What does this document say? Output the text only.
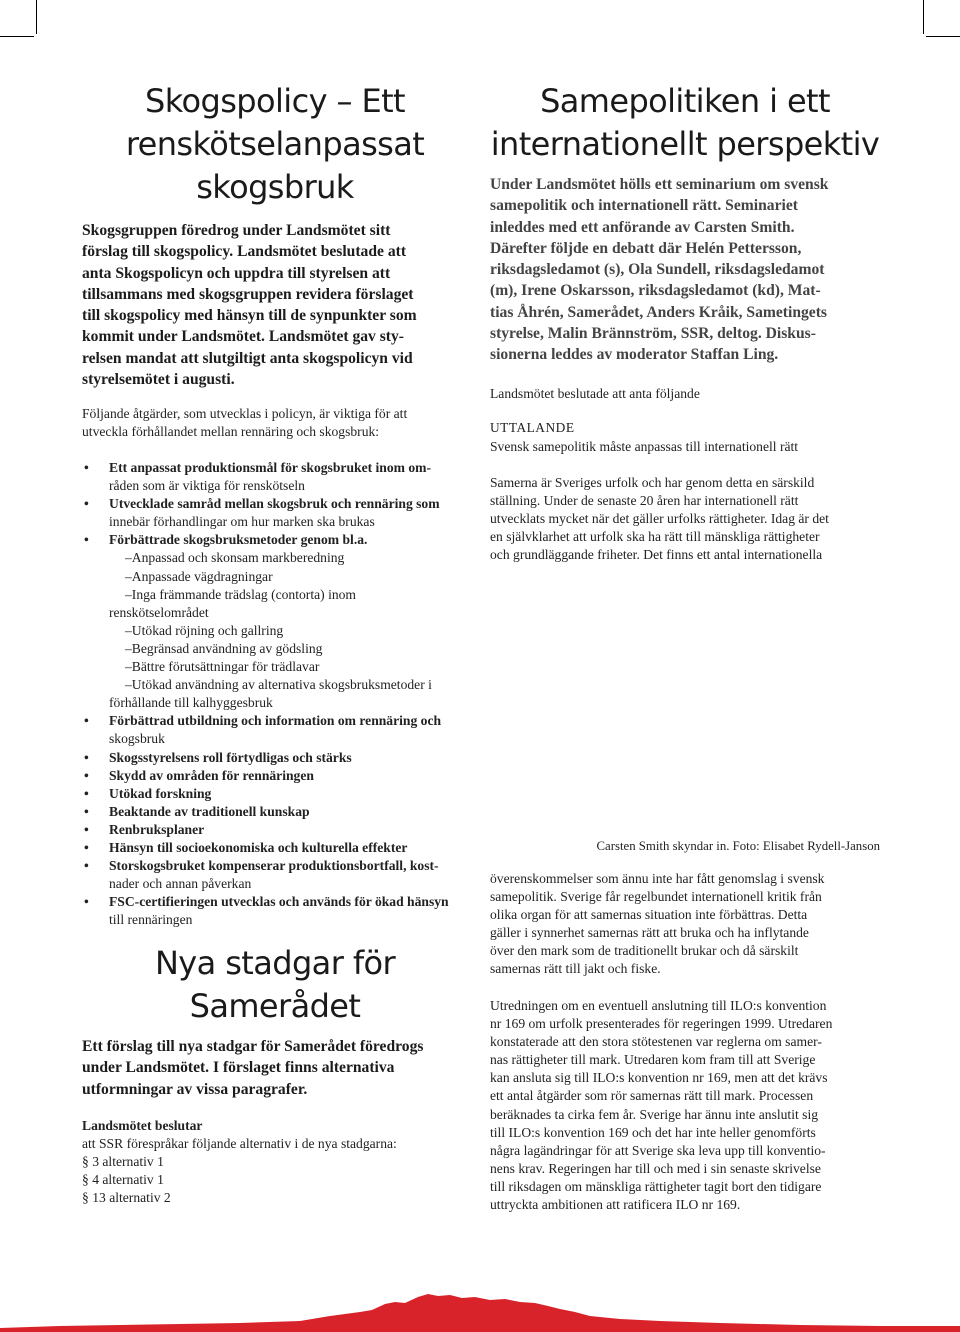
Skogspolicy – Ett
renskötselanpassat
skogsbruk
Skogsgruppen föredrog under Landsmötet sitt
förslag till skogspolicy. Landsmötet beslutade att
anta Skogspolicyn och uppdra till styrelsen att
tillsammans med skogsgruppen revidera förslaget
till skogspolicy med hänsyn till de synpunkter som
kommit under Landsmötet. Landsmötet gav sty-
relsen mandat att slutgiltigt anta skogspolicyn vid
styrelsemötet i augusti.
Följande åtgärder, som utvecklas i policyn, är viktiga för att
utveckla förhållandet mellan rennäring och skogsbruk:
• Ett anpassat produktionsmål för skogsbruket inom om-
råden som är viktiga för renskötseln
• Utvecklade samråd mellan skogsbruk och rennäring som
innebär förhandlingar om hur marken ska brukas
• Förbättrade skogsbruksmetoder genom bl.a.
–Anpassad och skonsam markberedning
–Anpassade vägdragningar
–Inga främmande trädslag (contorta) inom
renskötselområdet
–Utökad röjning och gallring
–Begränsad användning av gödsling
–Bättre förutsättningar för trädlavar
–Utökad användning av alternativa skogsbruksmetoder i
förhållande till kalhyggesbruk
• Förbättrad utbildning och information om rennäring och
skogsbruk
• Skogsstyrelsens roll förtydligas och stärks
• Skydd av områden för rennäringen
• Utökad forskning
• Beaktande av traditionell kunskap
• Renbruksplaner
• Hänsyn till socioekonomiska och kulturella effekter
• Storskogsbruket kompenserar produktionsbortfall, kost-
nader och annan påverkan
• FSC-certifieringen utvecklas och används för ökad hänsyn
till rennäringen
Nya stadgar för
Samerådet
Ett förslag till nya stadgar för Samerådet föredrogs
under Landsmötet. I förslaget finns alternativa
utformningar av vissa paragrafer.
Landsmötet beslutar
att SSR förespråkar följande alternativ i de nya stadgarna:
§ 3 alternativ 1
§ 4 alternativ 1
§ 13 alternativ 2
Samepolitiken i ett
internationellt perspektiv
Under Landsmötet hölls ett seminarium om svensk
samepolitik och internationell rätt. Seminariet
inleddes med ett anförande av Carsten Smith.
Därefter följde en debatt där Helén Pettersson,
riksdagsledamot (s), Ola Sundell, riksdagsledamot
(m), Irene Oskarsson, riksdagsledamot (kd), Mat-
tias Åhrén, Samerådet, Anders Kråik, Sametingets
styrelse, Malin Brännström, SSR, deltog. Diskus-
sionerna leddes av moderator Staffan Ling.
Landsmötet beslutade att anta följande
UTTALANDE
Svensk samepolitik måste anpassas till internationell rätt
Samerna är Sveriges urfolk och har genom detta en särskild
ställning. Under de senaste 20 åren har internationell rätt
utvecklats mycket när det gäller urfolks rättigheter. Idag är det
en självklarhet att urfolk ska ha rätt till mänskliga rättigheter
och grundläggande friheter. Det finns ett antal internationella
Carsten Smith skyndar in. Foto: Elisabet Rydell-Janson
överenskommelser som ännu inte har fått genomslag i svensk
samepolitik. Sverige får regelbundet internationell kritik från
olika organ för att samernas situation inte förbättras. Detta
gäller i synnerhet samernas rätt att bruka och ha inflytande
över den mark som de traditionellt brukar och då särskilt
samernas rätt till jakt och fiske.
Utredningen om en eventuell anslutning till ILO:s konvention
nr 169 om urfolk presenterades för regeringen 1999. Utredaren
konstaterade att den stora stötestenen var reglerna om samer-
nas rättigheter till mark. Utredaren kom fram till att Sverige
kan ansluta sig till ILO:s konvention nr 169, men att det krävs
ett antal åtgärder som rör samernas rätt till mark. Processen
beräknades ta cirka fem år. Sverige har ännu inte anslutit sig
till ILO:s konvention 169 och det har inte heller genomförts
några lagändringar för att Sverige ska leva upp till konventio-
nens krav. Regeringen har till och med i sin senaste skrivelse
till riksdagen om mänskliga rättigheter tagit bort den tidigare
uttryckta ambitionen att ratificera ILO nr 169.
